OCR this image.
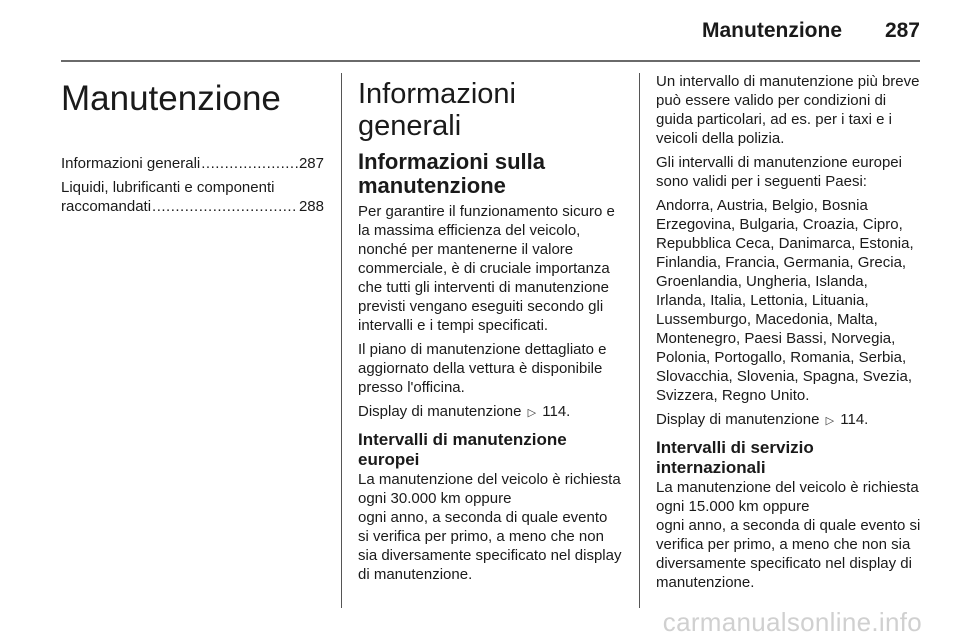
Manutenzione 287
Manutenzione
Informazioni generali .....	287
Liquidi, lubrificanti e componenti
raccomandati .....	288
Informazioni generali
Informazioni sulla manutenzione

Per garantire il funzionamento sicuro e la massima efficienza del veicolo, nonché per mantenerne il valore commerciale, è di cruciale importanza che tutti gli interventi di manutenzione previsti vengano eseguiti secondo gli intervalli e i tempi specificati.

Il piano di manutenzione dettagliato e aggiornato della vettura è disponibile presso l'officina.

Display di manutenzione ▷ 114.

Intervalli di manutenzione europei

La manutenzione del veicolo è richiesta ogni 30.000 km oppure

ogni anno, a seconda di quale evento si verifica per primo, a meno che non sia diversamente specificato nel display di manutenzione.

Un intervallo di manutenzione più breve può essere valido per condizioni di guida particolari, ad es. per i taxi e i veicoli della polizia.

Gli intervalli di manutenzione europei sono validi per i seguenti Paesi:

Andorra, Austria, Belgio, Bosnia Erzegovina, Bulgaria, Croazia, Cipro, Repubblica Ceca, Danimarca, Estonia, Finlandia, Francia, Germania, Grecia, Groenlandia, Ungheria, Islanda, Irlanda, Italia, Lettonia, Lituania, Lussemburgo, Macedonia, Malta, Montenegro, Paesi Bassi, Norvegia, Polonia, Portogallo, Romania, Serbia, Slovacchia, Slovenia, Spagna, Svezia, Svizzera, Regno Unito.

Display di manutenzione ▷ 114.

Intervalli di servizio internazionali

La manutenzione del veicolo è richiesta ogni 15.000 km oppure

ogni anno, a seconda di quale evento si verifica per primo, a meno che non sia diversamente specificato nel display di manutenzione.

carmanualsonline.info
